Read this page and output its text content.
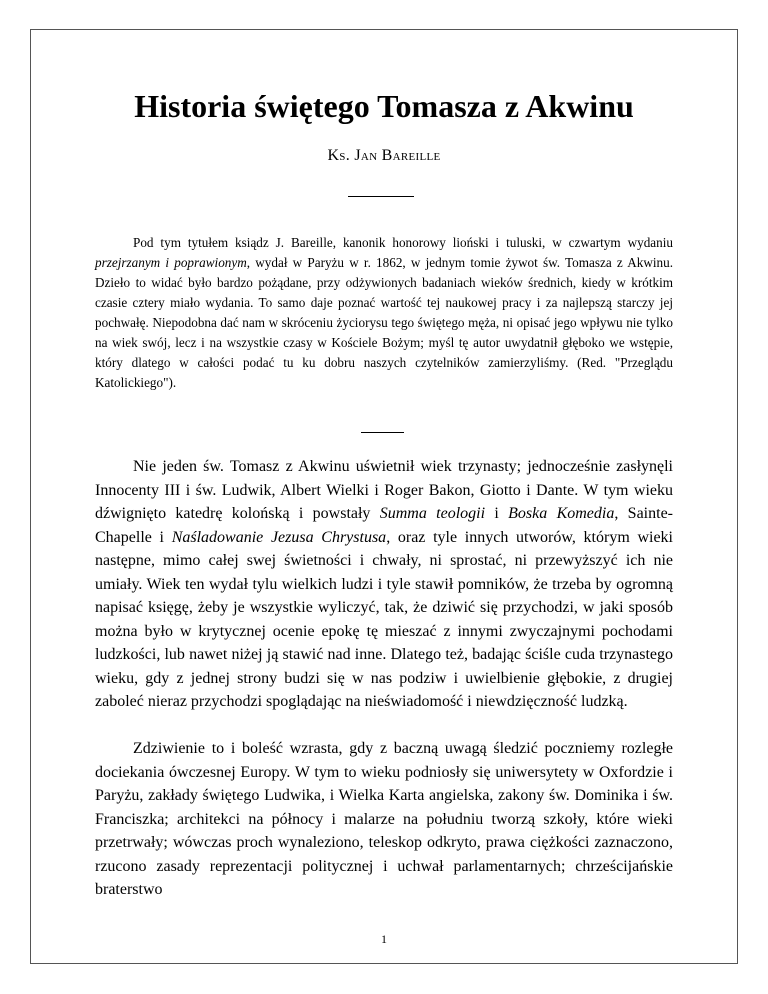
Historia świętego Tomasza z Akwinu
Ks. Jan Bareille

Pod tym tytułem ksiądz J. Bareille, kanonik honorowy lioński i tuluski, w czwartym wydaniu przejrzanym i poprawionym, wydał w Paryżu w r. 1862, w jednym tomie żywot św. Tomasza z Akwinu. Dzieło to widać było bardzo pożądane, przy odżywionych badaniach wieków średnich, kiedy w krótkim czasie cztery miało wydania. To samo daje poznać wartość tej naukowej pracy i za najlepszą starczy jej pochwałę. Niepodobna dać nam w skróceniu życiorysu tego świętego męża, ni opisać jego wpływu nie tylko na wiek swój, lecz i na wszystkie czasy w Kościele Bożym; myśl tę autor uwydatnił głęboko we wstępie, który dlatego w całości podać tu ku dobru naszych czytelników zamierzyliśmy. (Red. "Przeglądu Katolickiego").

Nie jeden św. Tomasz z Akwinu uświetnił wiek trzynasty; jednocześnie zasłynęli Innocenty III i św. Ludwik, Albert Wielki i Roger Bakon, Giotto i Dante. W tym wieku dźwignięto katedrę kolońską i powstały Summa teologii i Boska Komedia, Sainte-Chapelle i Naśladowanie Jezusa Chrystusa, oraz tyle innych utworów, którym wieki następne, mimo całej swej świetności i chwały, ni sprostać, ni przewyższyć ich nie umiały. Wiek ten wydał tylu wielkich ludzi i tyle stawił pomników, że trzeba by ogromną napisać księgę, żeby je wszystkie wyliczyć, tak, że dziwić się przychodzi, w jaki sposób można było w krytycznej ocenie epokę tę mieszać z innymi zwyczajnymi pochodami ludzkości, lub nawet niżej ją stawić nad inne. Dlatego też, badając ściśle cuda trzynastego wieku, gdy z jednej strony budzi się w nas podziw i uwielbienie głębokie, z drugiej zaboleć nieraz przychodzi spoglądając na nieświadomość i niewdzięczność ludzką.

Zdziwienie to i boleść wzrasta, gdy z baczną uwagą śledzić poczniemy rozległe dociekania ówczesnej Europy. W tym to wieku podniosły się uniwersytety w Oxfordzie i Paryżu, zakłady świętego Ludwika, i Wielka Karta angielska, zakony św. Dominika i św. Franciszka; architekci na północy i malarze na południu tworzą szkoły, które wieki przetrwały; wówczas proch wynaleziono, teleskop odkryto, prawa ciężkości zaznaczono, rzucono zasady reprezentacji politycznej i uchwał parlamentarnych; chrześcijańskie braterstwo

1
